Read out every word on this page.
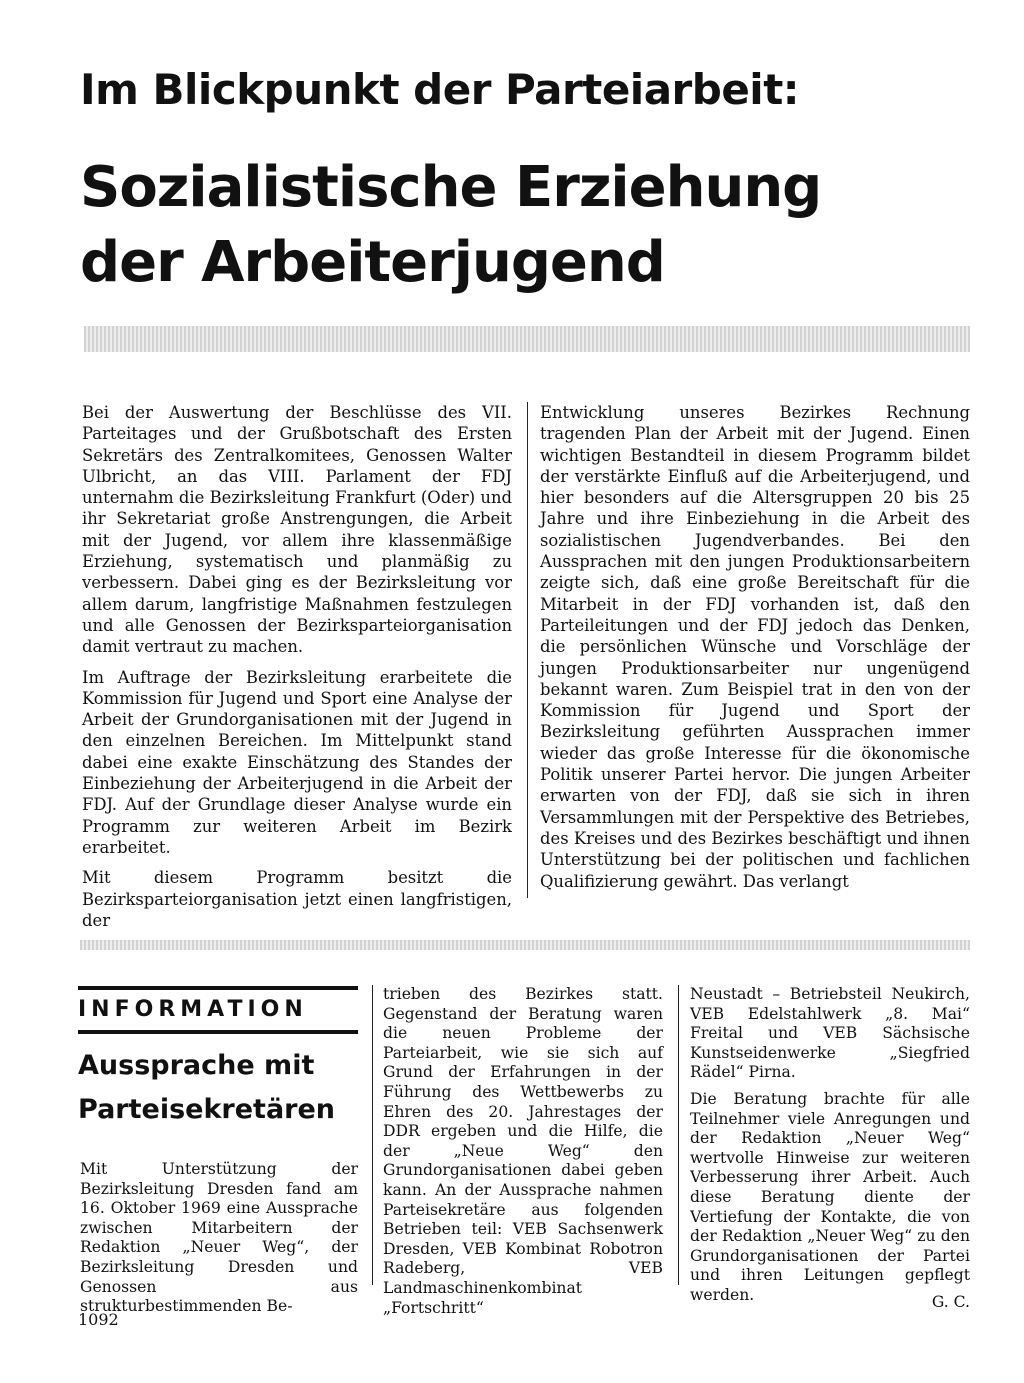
Im Blickpunkt der Parteiarbeit:
Sozialistische Erziehung
der Arbeiterjugend

Bei der Auswertung der Beschlüsse des VII. Parteitages und der Grußbotschaft des Ersten Sekretärs des Zentralkomitees, Genossen Walter Ulbricht, an das VIII. Parlament der FDJ unternahm die Bezirksleitung Frankfurt (Oder) und ihr Sekretariat große Anstrengungen, die Arbeit mit der Jugend, vor allem ihre klassenmäßige Erziehung, systematisch und planmäßig zu verbessern. Dabei ging es der Bezirksleitung vor allem darum, langfristige Maßnahmen festzulegen und alle Genossen der Bezirksparteiorganisation damit vertraut zu machen.

Im Auftrage der Bezirksleitung erarbeitete die Kommission für Jugend und Sport eine Analyse der Arbeit der Grundorganisationen mit der Jugend in den einzelnen Bereichen. Im Mittelpunkt stand dabei eine exakte Einschätzung des Standes der Einbeziehung der Arbeiterjugend in die Arbeit der FDJ. Auf der Grundlage dieser Analyse wurde ein Programm zur weiteren Arbeit im Bezirk erarbeitet.

Mit diesem Programm besitzt die Bezirksparteiorganisation jetzt einen langfristigen, der

Entwicklung unseres Bezirkes Rechnung tragenden Plan der Arbeit mit der Jugend. Einen wichtigen Bestandteil in diesem Programm bildet der verstärkte Einfluß auf die Arbeiterjugend, und hier besonders auf die Altersgruppen 20 bis 25 Jahre und ihre Einbeziehung in die Arbeit des sozialistischen Jugendverbandes. Bei den Aussprachen mit den jungen Produktionsarbeitern zeigte sich, daß eine große Bereitschaft für die Mitarbeit in der FDJ vorhanden ist, daß den Parteileitungen und der FDJ jedoch das Denken, die persönlichen Wünsche und Vorschläge der jungen Produktionsarbeiter nur ungenügend bekannt waren. Zum Beispiel trat in den von der Kommission für Jugend und Sport der Bezirksleitung geführten Aussprachen immer wieder das große Interesse für die ökonomische Politik unserer Partei hervor. Die jungen Arbeiter erwarten von der FDJ, daß sie sich in ihren Versammlungen mit der Perspektive des Betriebes, des Kreises und des Bezirkes beschäftigt und ihnen Unterstützung bei der politischen und fachlichen Qualifizierung gewährt. Das verlangt

INFORMATION
Aussprache mit
Parteisekretären

Mit Unterstützung der Bezirksleitung Dresden fand am 16. Oktober 1969 eine Aussprache zwischen Mitarbeitern der Redaktion „Neuer Weg“, der Bezirksleitung Dresden und Genossen aus strukturbestimmenden Be-

trieben des Bezirkes statt. Gegenstand der Beratung waren die neuen Probleme der Parteiarbeit, wie sie sich auf Grund der Erfahrungen in der Führung des Wettbewerbs zu Ehren des 20. Jahrestages der DDR ergeben und die Hilfe, die der „Neue Weg“ den Grundorganisationen dabei geben kann. An der Aussprache nahmen Parteisekretäre aus folgenden Betrieben teil: VEB Sachsenwerk Dresden, VEB Kombinat Robotron Radeberg, VEB Landmaschinenkombinat „Fortschritt“

Neustadt – Betriebsteil Neukirch, VEB Edelstahlwerk „8. Mai“ Freital und VEB Sächsische Kunstseidenwerke „Siegfried Rädel“ Pirna.

Die Beratung brachte für alle Teilnehmer viele Anregungen und der Redaktion „Neuer Weg“ wertvolle Hinweise zur weiteren Verbesserung ihrer Arbeit. Auch diese Beratung diente der Vertiefung der Kontakte, die von der Redaktion „Neuer Weg“ zu den Grundorganisationen der Partei und ihren Leitungen gepflegt werden.	G. C.
1092
